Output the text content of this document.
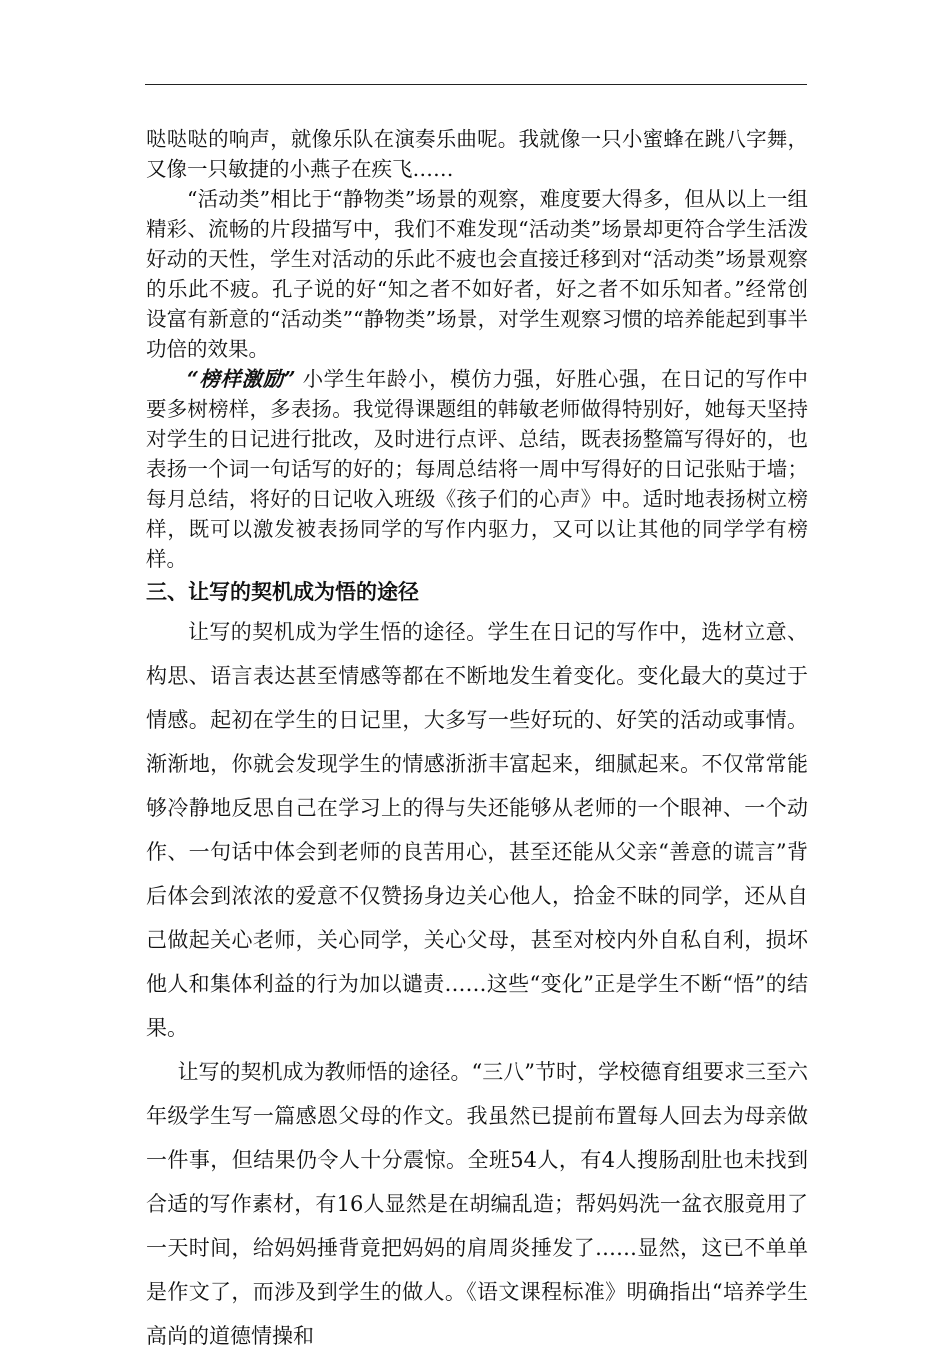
哒哒哒的响声，就像乐队在演奏乐曲呢。我就像一只小蜜蜂在跳八字舞，又像一只敏捷的小燕子在疾飞……

“活动类”相比于“静物类”场景的观察，难度要大得多，但从以上一组精彩、流畅的片段描写中，我们不难发现“活动类”场景却更符合学生活泼好动的天性，学生对活动的乐此不疲也会直接迁移到对“活动类”场景观察的乐此不疲。孔子说的好“知之者不如好者，好之者不如乐知者。”经常创设富有新意的“活动类”“静物类”场景，对学生观察习惯的培养能起到事半功倍的效果。

“榜样激励” 小学生年龄小，模仿力强，好胜心强，在日记的写作中要多树榜样，多表扬。我觉得课题组的韩敏老师做得特别好，她每天坚持对学生的日记进行批改，及时进行点评、总结，既表扬整篇写得好的，也表扬一个词一句话写的好的；每周总结将一周中写得好的日记张贴于墙；每月总结，将好的日记收入班级《孩子们的心声》中。适时地表扬树立榜样，既可以激发被表扬同学的写作内驱力，又可以让其他的同学学有榜样。

三、让写的契机成为悟的途径

让写的契机成为学生悟的途径。学生在日记的写作中，选材立意、构思、语言表达甚至情感等都在不断地发生着变化。变化最大的莫过于情感。起初在学生的日记里，大多写一些好玩的、好笑的活动或事情。渐渐地，你就会发现学生的情感浙浙丰富起来，细腻起来。不仅常常能够冷静地反思自己在学习上的得与失还能够从老师的一个眼神、一个动作、一句话中体会到老师的良苦用心，甚至还能从父亲“善意的谎言”背后体会到浓浓的爱意不仅赞扬身边关心他人，拾金不昧的同学，还从自己做起关心老师，关心同学，关心父母，甚至对校内外自私自利，损坏他人和集体利益的行为加以谴责……这些“变化”正是学生不断“悟”的结果。

让写的契机成为教师悟的途径。“三八”节时，学校德育组要求三至六年级学生写一篇感恩父母的作文。我虽然已提前布置每人回去为母亲做一件事，但结果仍令人十分震惊。全班54人，有4人搜肠刮肚也未找到合适的写作素材，有16人显然是在胡编乱造；帮妈妈洗一盆衣服竟用了一天时间，给妈妈捶背竟把妈妈的肩周炎捶发了……显然，这已不单单是作文了，而涉及到学生的做人。《语文课程标准》明确指出“培养学生高尚的道德情操和
